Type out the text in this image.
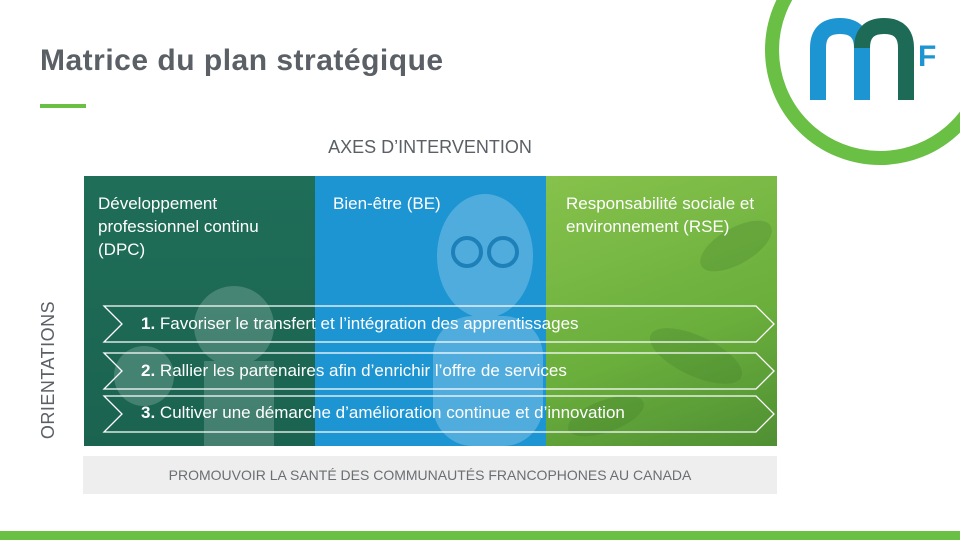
Matrice du plan stratégique	F
AXES D’INTERVENTION
Développement professionnel continu (DPC)
Bien-être (BE)	Responsabilité sociale et environnement (RSE)
ORIENTATIONS	1. Favoriser le transfert et l’intégration des apprentissages
2. Rallier les partenaires afin d’enrichir l’offre de services
3. Cultiver une démarche d’amélioration continue et d’innovation
PROMOUVOIR LA SANTÉ DES COMMUNAUTÉS FRANCOPHONES AU CANADA
